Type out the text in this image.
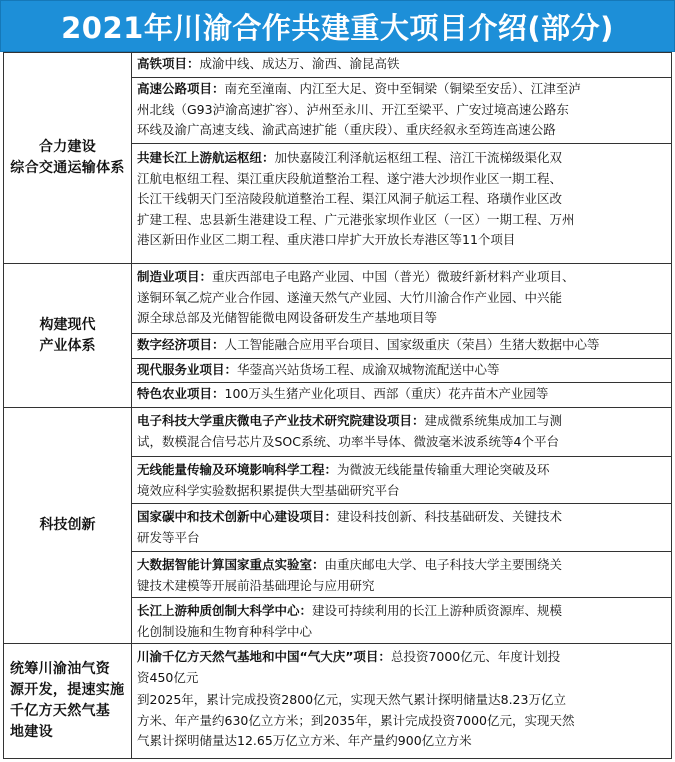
2021年川渝合作共建重大项目介绍(部分)
合力建设
综合交通运输体系
高铁项目：成渝中线、成达万、渝西、渝昆高铁
高速公路项目：南充至潼南、内江至大足、资中至铜梁（铜梁至安岳）、江津至泸
州北线（G93泸渝高速扩容）、泸州至永川、开江至梁平、广安过境高速公路东
环线及渝广高速支线、渝武高速扩能（重庆段）、重庆经叙永至筠连高速公路
共建长江上游航运枢纽：加快嘉陵江利泽航运枢纽工程、涪江干流梯级渠化双
江航电枢纽工程、渠江重庆段航道整治工程、遂宁港大沙坝作业区一期工程、
长江干线朝天门至涪陵段航道整治工程、渠江风洞子航运工程、珞璜作业区改
扩建工程、忠县新生港建设工程、广元港张家坝作业区（一区）一期工程、万州
港区新田作业区二期工程、重庆港口岸扩大开放长寿港区等11个项目
构建现代
产业体系
制造业项目：重庆西部电子电路产业园、中国（普光）微玻纤新材料产业项目、
遂铜环氧乙烷产业合作园、遂潼天然气产业园、大竹川渝合作产业园、中兴能
源全球总部及光储智能微电网设备研发生产基地项目等
数字经济项目：人工智能融合应用平台项目、国家级重庆（荣昌）生猪大数据中心等
现代服务业项目：华蓥高兴站货场工程、成渝双城物流配送中心等
特色农业项目：100万头生猪产业化项目、西部（重庆）花卉苗木产业园等
科技创新
电子科技大学重庆微电子产业技术研究院建设项目：建成微系统集成加工与测
试，数模混合信号芯片及SOC系统、功率半导体、微波毫米波系统等4个平台
无线能量传输及环境影响科学工程：为微波无线能量传输重大理论突破及环
境效应科学实验数据积累提供大型基础研究平台
国家碳中和技术创新中心建设项目：建设科技创新、科技基础研发、关键技术
研发等平台
大数据智能计算国家重点实验室：由重庆邮电大学、电子科技大学主要围绕关
键技术建模等开展前沿基础理论与应用研究
长江上游种质创制大科学中心：建设可持续利用的长江上游种质资源库、规模
化创制设施和生物育种科学中心
统筹川渝油气资
源开发，提速实施
千亿方天然气基
地建设
川渝千亿方天然气基地和中国“气大庆”项目：总投资7000亿元、年度计划投
资450亿元
到2025年，累计完成投资2800亿元，实现天然气累计探明储量达8.23万亿立
方米、年产量约630亿立方米；到2035年，累计完成投资7000亿元，实现天然
气累计探明储量达12.65万亿立方米、年产量约900亿立方米
